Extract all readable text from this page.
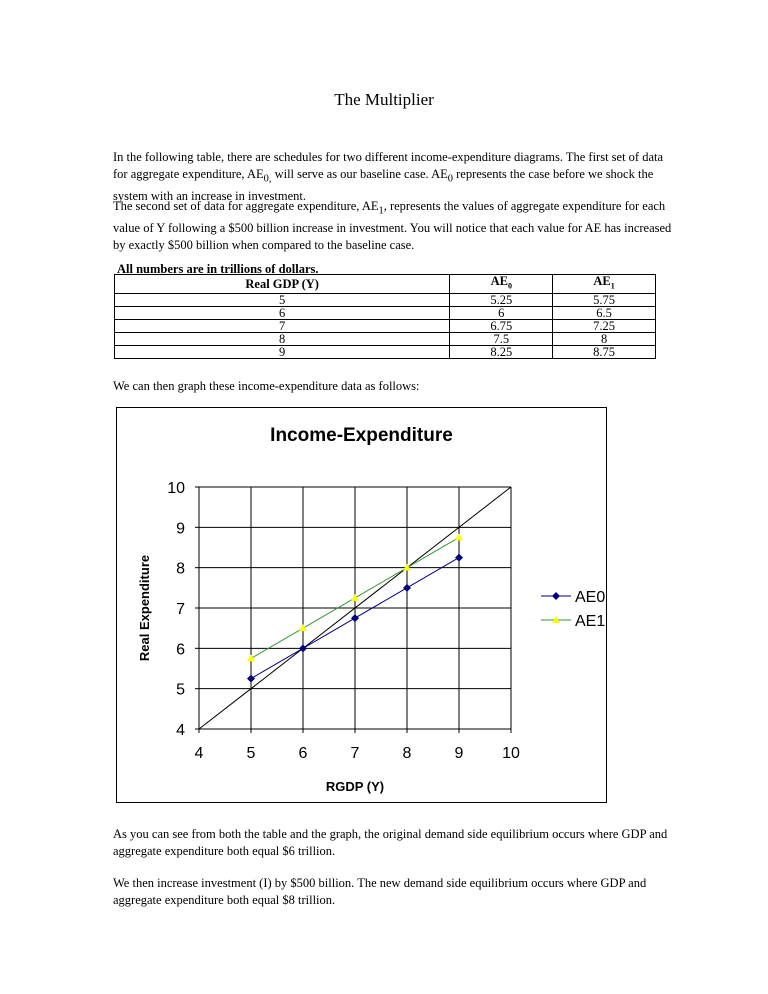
The Multiplier

In the following table, there are schedules for two different income-expenditure diagrams. The first set of data for aggregate expenditure, $AE_{0,}$ will serve as our baseline case. $AE_0$ represents the case before we shock the system with an increase in investment.

The second set of data for aggregate expenditure, $AE_1$, represents the values of aggregate expenditure for each value of Y following a $500 billion increase in investment. You will notice that each value for AE has increased by exactly $500 billion when compared to the baseline case.

All numbers are in trillions of dollars.
Real GDP (Y)	$AE_0$	$AE_1$
5	5.25	5.75
6	6	6.5
7	6.75	7.25
8	7.5	8
9	8.25	8.75

We can then graph these income-expenditure data as follows:

Income-Expenditure
4
5
6
7
8
9
10
4	5	6	7	8	9 10
RGDP (Y)
Real Expenditure	AE0
AE1

As you can see from both the table and the graph, the original demand side equilibrium occurs where GDP and aggregate expenditure both equal $6 trillion.

We then increase investment (I) by $500 billion. The new demand side equilibrium occurs where GDP and aggregate expenditure both equal $8 trillion.
